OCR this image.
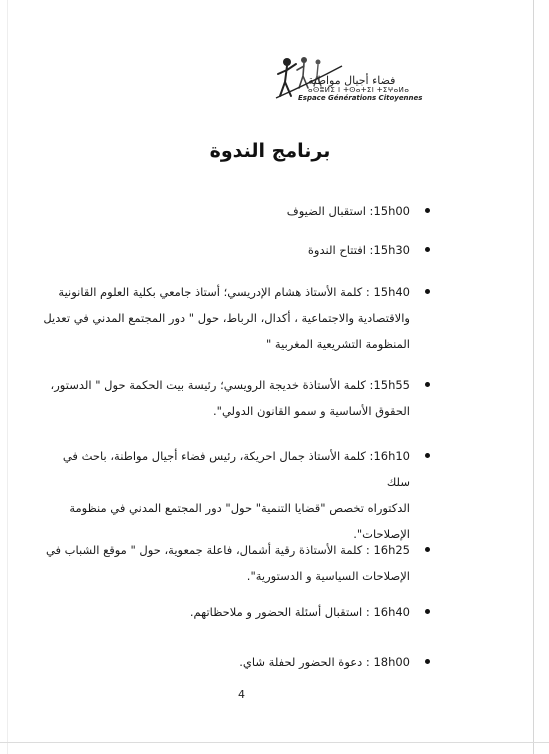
فضاء أجيال مواطنة
ⴰⵙⵓⵍⵉ ⵏ ⵜⵙⴰⵜⵉⵏ ⵜⵉⵖⴰⵍⴰ
Espace Générations Citoyennes
برنامج الندوة
15h00: استقبال الضيوف
15h30: افتتاح الندوة
15h40 : كلمة الأستاذ هشام الإدريسي؛ أستاذ جامعي بكلية العلوم القانونية
والاقتصادية والاجتماعية ، أكدال، الرباط، حول " دور المجتمع المدني في تعديل
المنظومة التشريعية المغربية "
15h55: كلمة الأستاذة خديجة الرويسي؛ رئيسة بيت الحكمة حول " الدستور،
الحقوق الأساسية و سمو القانون الدولي".
16h10: كلمة الأستاذ جمال احريكة، رئيس فضاء أجيال مواطنة، باحث في سلك
الدكتوراه تخصص "قضايا التنمية" حول" دور المجتمع المدني في منظومة
الإصلاحات".
16h25 : كلمة الأستاذة رقية أشمال، فاعلة جمعوية، حول " موقع الشباب في
الإصلاحات السياسية و الدستورية".
16h40 : استقبال أسئلة الحضور و ملاحظاتهم.
18h00 : دعوة الحضور لحفلة شاي.
4
